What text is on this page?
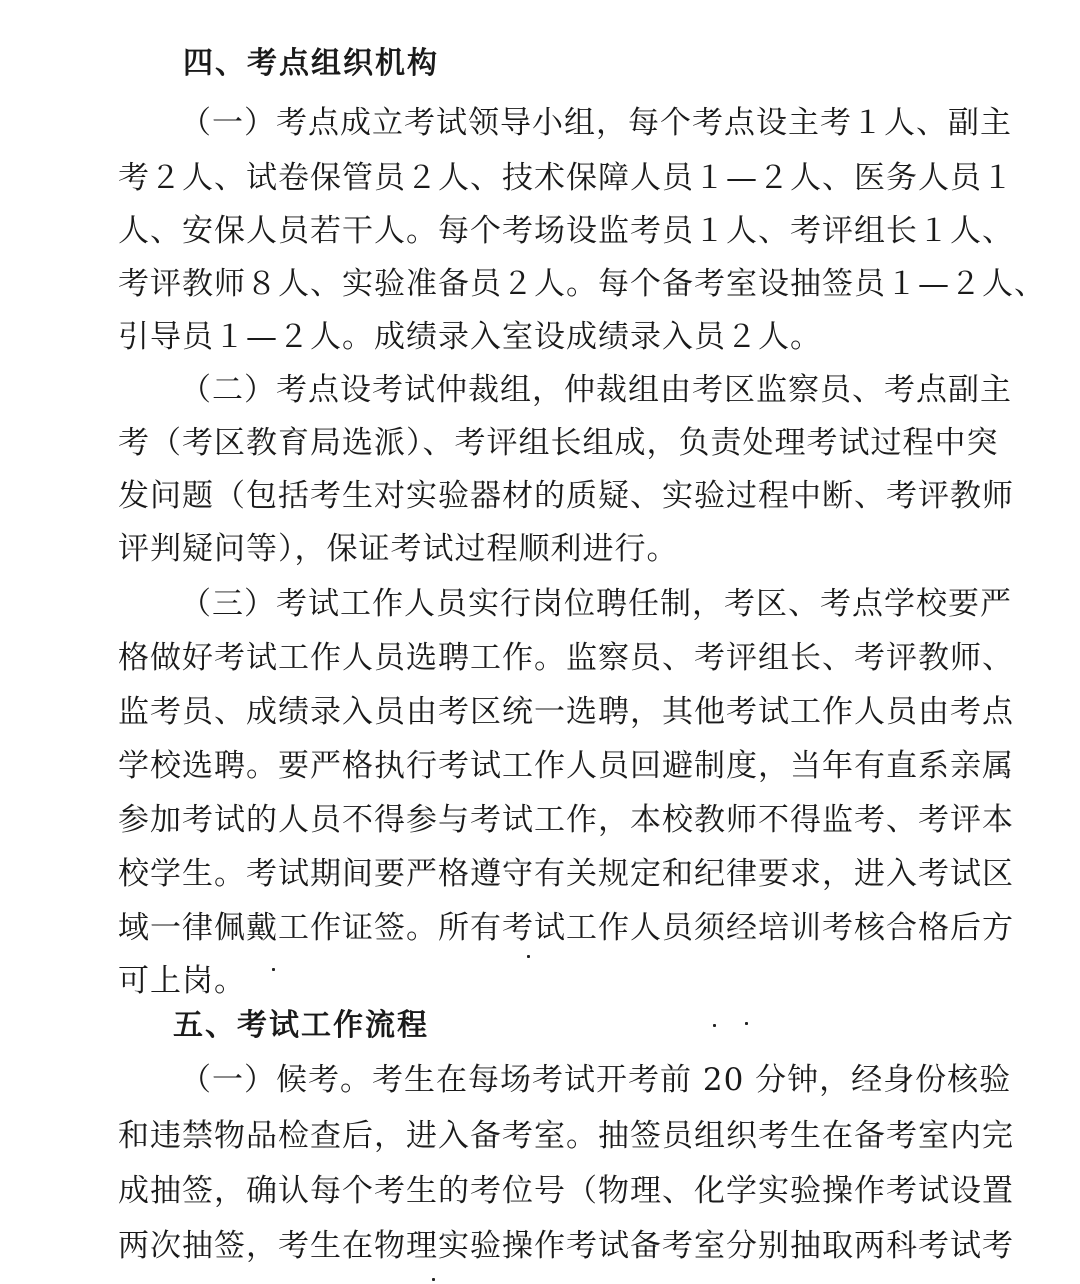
四、考点组织机构
（一）考点成立考试领导小组，每个考点设主考１人、副主
考２人、试卷保管员２人、技术保障人员１—２人、医务人员１
人、安保人员若干人。每个考场设监考员１人、考评组长１人、
考评教师８人、实验准备员２人。每个备考室设抽签员１—２人、
引导员１—２人。成绩录入室设成绩录入员２人。
（二）考点设考试仲裁组，仲裁组由考区监察员、考点副主
考（考区教育局选派）、考评组长组成，负责处理考试过程中突
发问题（包括考生对实验器材的质疑、实验过程中断、考评教师
评判疑问等），保证考试过程顺利进行。
（三）考试工作人员实行岗位聘任制，考区、考点学校要严
格做好考试工作人员选聘工作。监察员、考评组长、考评教师、
监考员、成绩录入员由考区统一选聘，其他考试工作人员由考点
学校选聘。要严格执行考试工作人员回避制度，当年有直系亲属
参加考试的人员不得参与考试工作，本校教师不得监考、考评本
校学生。考试期间要严格遵守有关规定和纪律要求，进入考试区
域一律佩戴工作证签。所有考试工作人员须经培训考核合格后方
可上岗。
五、考试工作流程
（一）候考。考生在每场考试开考前 20 分钟，经身份核验
和违禁物品检查后，进入备考室。抽签员组织考生在备考室内完
成抽签，确认每个考生的考位号（物理、化学实验操作考试设置
两次抽签，考生在物理实验操作考试备考室分别抽取两科考试考
